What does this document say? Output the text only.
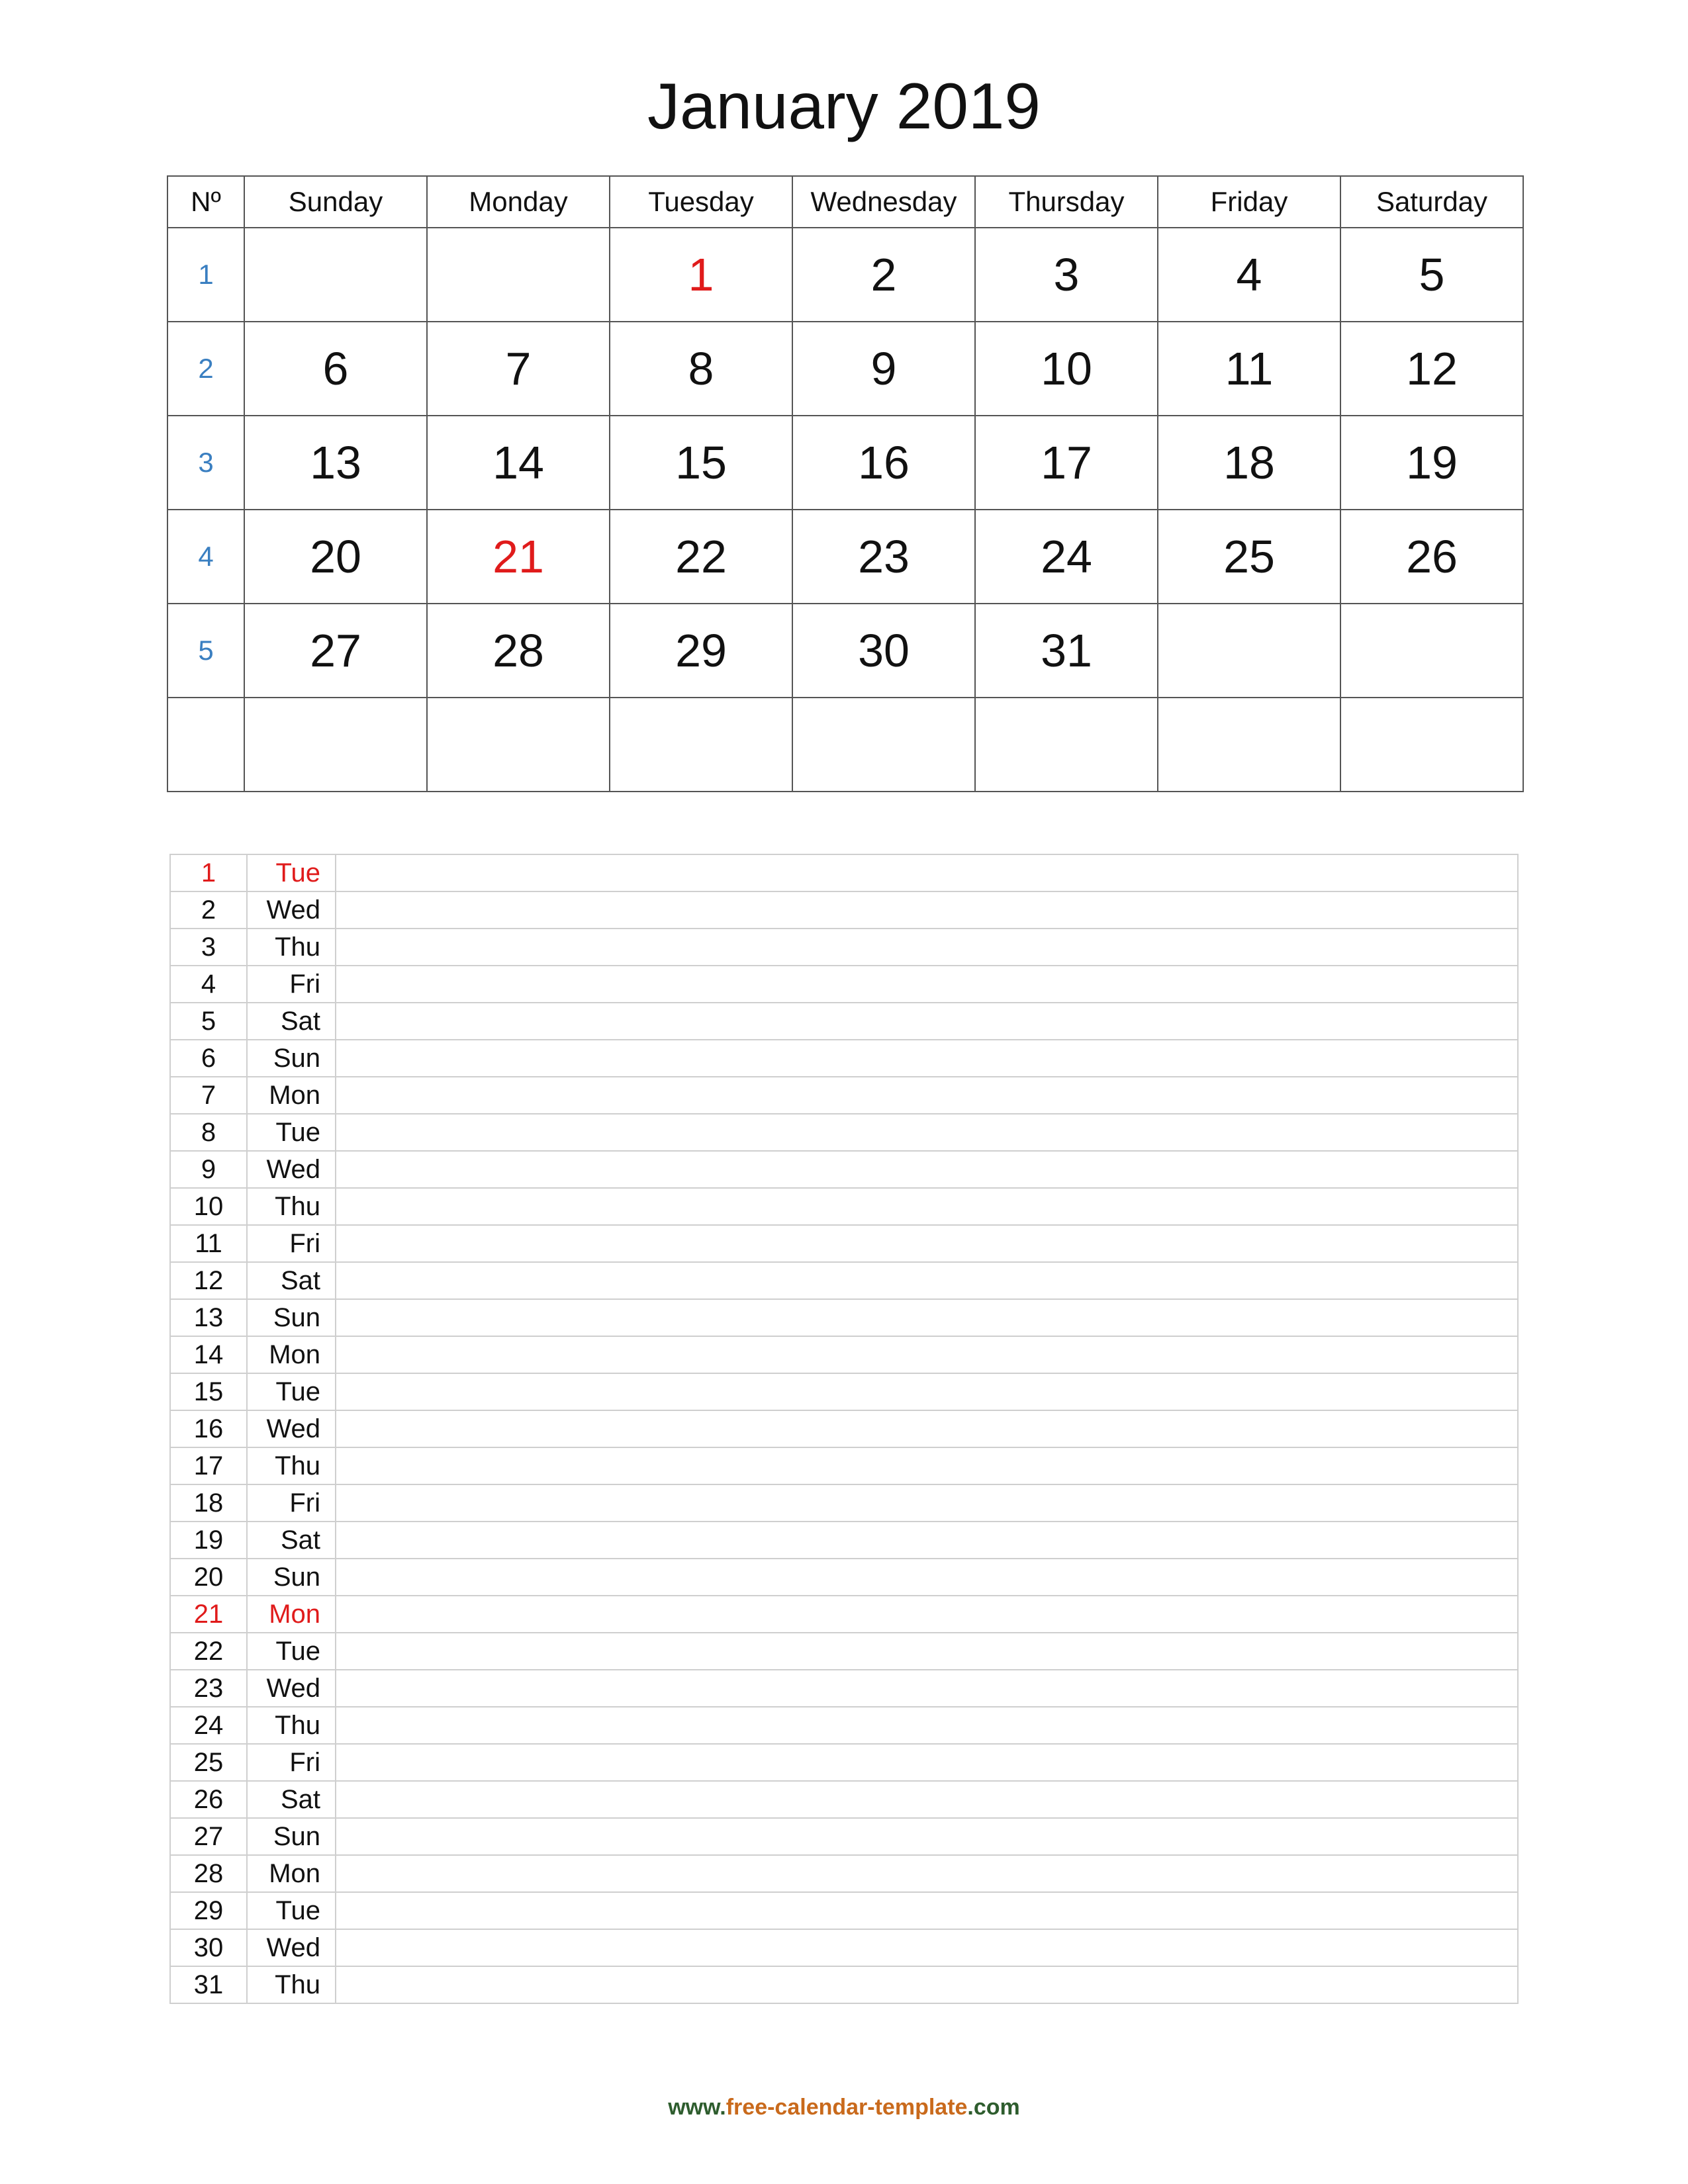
January 2019
Nº	Sunday	Monday	Tuesday	Wednesday	Thursday	Friday	Saturday
1			1	2	3	4	5
2	6	7	8	9	10	11	12
3	13	14	15	16	17	18	19
4	20	21	22	23	24	25	26
5	27	28	29	30	31		

1	Tue	
2	Wed	
3	Thu	
4	Fri	
5	Sat	
6	Sun	
7	Mon	
8	Tue	
9	Wed	
10	Thu	
11	Fri	
12	Sat	
13	Sun	
14	Mon	
15	Tue	
16	Wed	
17	Thu	
18	Fri	
19	Sat	
20	Sun	
21	Mon	
22	Tue	
23	Wed	
24	Thu	
25	Fri	
26	Sat	
27	Sun	
28	Mon	
29	Tue	
30	Wed	
31	Thu	
www.free-calendar-template.com
